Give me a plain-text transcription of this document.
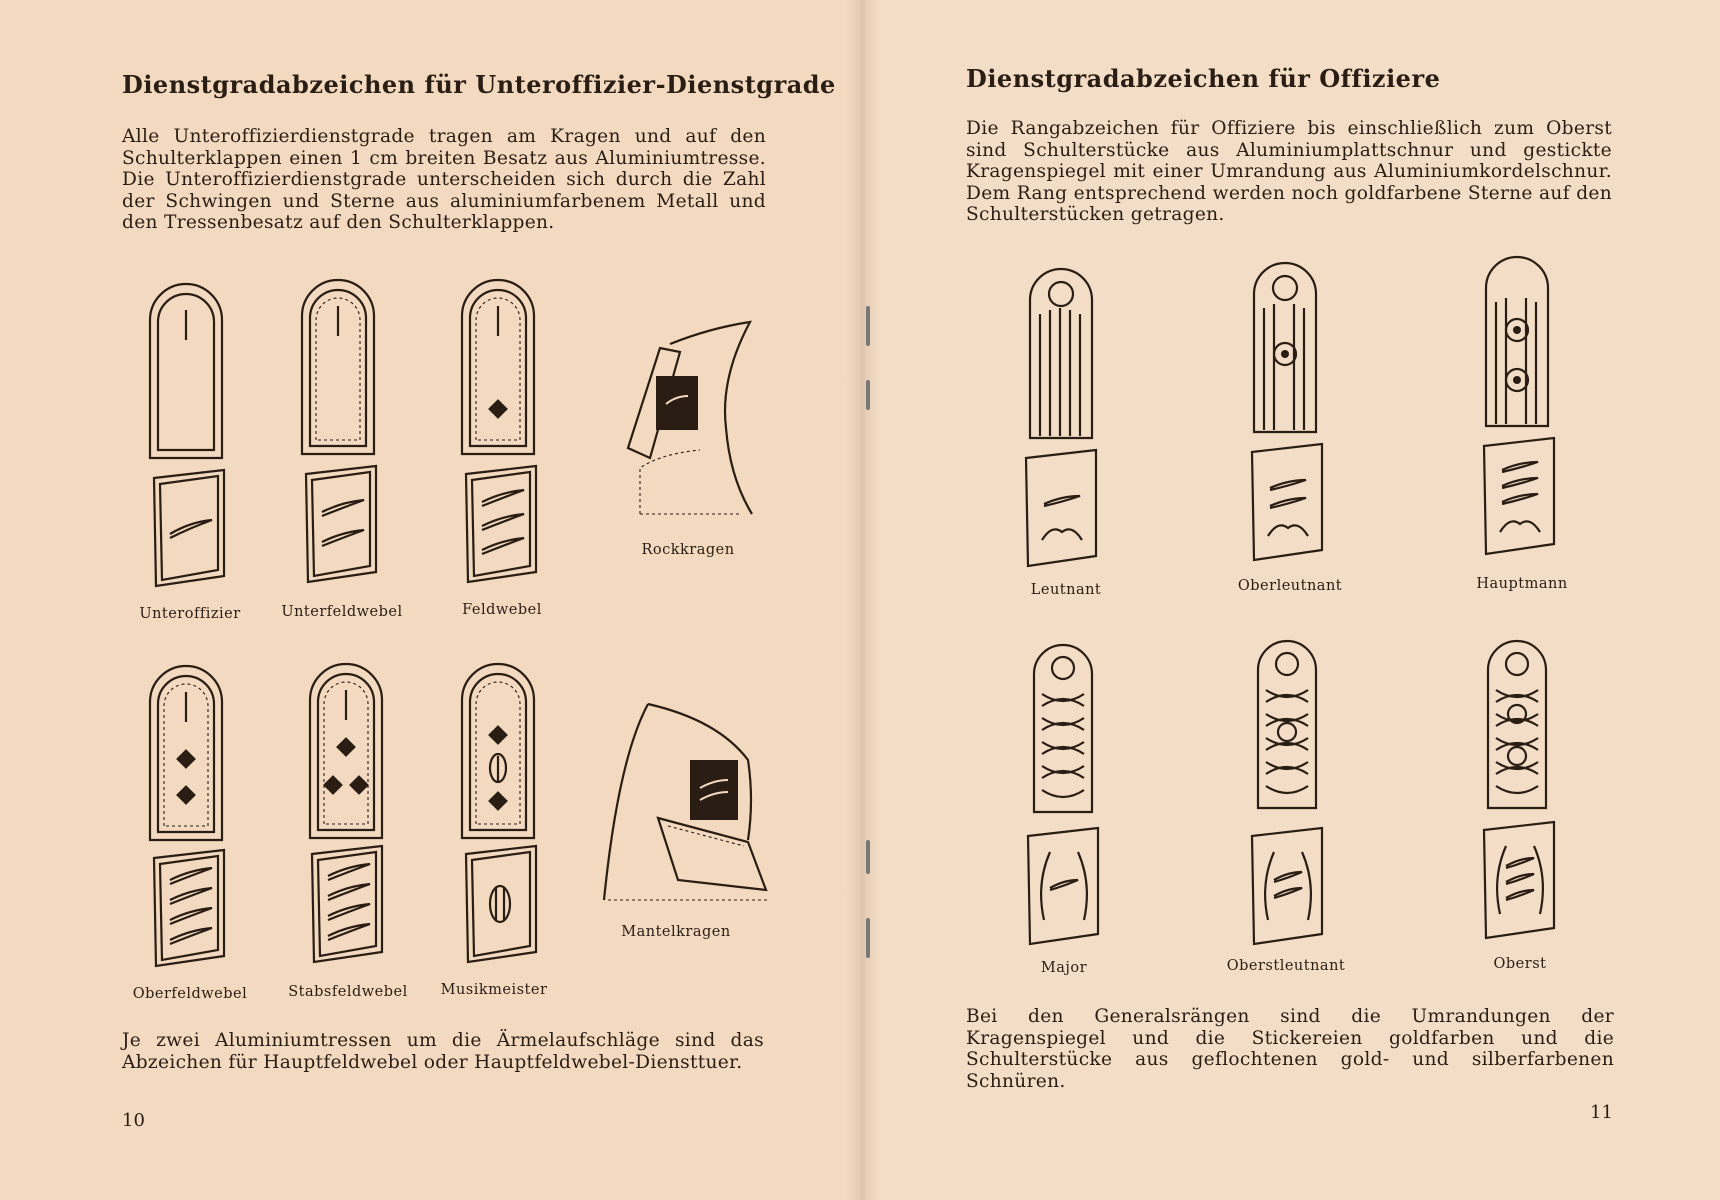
Dienstgradabzeichen für Unteroffizier-Dienstgrade

Alle Unteroffizierdienstgrade tragen am Kragen und auf den Schulterklappen einen 1 cm breiten Besatz aus Aluminiumtresse. Die Unteroffizierdienstgrade unterscheiden sich durch die Zahl der Schwingen und Sterne aus aluminiumfarbenem Metall und den Tressenbesatz auf den Schulterklappen.

Unteroffizier	Unterfeldwebel	Feldwebel
Rockkragen
Oberfeldwebel	Stabsfeldwebel	Musikmeister
Mantelkragen

Je zwei Aluminiumtressen um die Ärmelaufschläge sind das Abzeichen für Hauptfeldwebel oder Hauptfeldwebel-Diensttuer.

10
Dienstgradabzeichen für Offiziere

Die Rangabzeichen für Offiziere bis einschließlich zum Oberst sind Schulterstücke aus Aluminiumplattschnur und gestickte Kragenspiegel mit einer Umrandung aus Aluminiumkordelschnur. Dem Rang entsprechend werden noch goldfarbene Sterne auf den Schulterstücken getragen.

Leutnant	Oberleutnant	Hauptmann
Major	Oberstleutnant	Oberst

Bei den Generalsrängen sind die Umrandungen der Kragenspiegel und die Stickereien goldfarben und die Schulterstücke aus geflochtenen gold- und silberfarbenen Schnüren.

11
